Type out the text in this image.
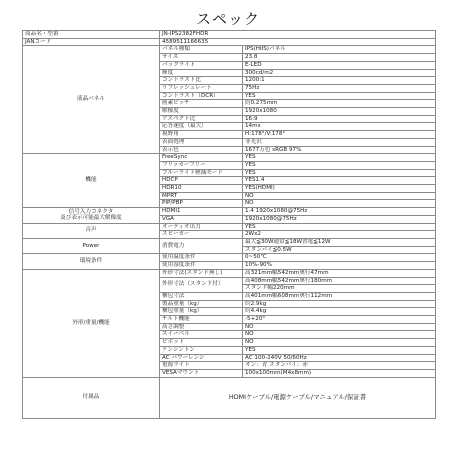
スペック
商品名・型番	JN-IPS2382FHDR	
JANコード	4589511166635	
液晶パネル	パネル種類	IPS(HIIS)パネル
	サイズ	23.8
	バックライト	E-LED
	輝度	300cd/m2
	コントラスト比	1200:1
	リフレッシュレート	75Hz
	コントラスト（DCR）	YES
	画素ピッチ	約0.275mm
	解像度	1920x1080
	アスペクト比	16:9
	応答速度（最大）	14ms
	視野角	H:178°/V:178°
	表面処理	非光沢
	表示色	1677万色 sRGB 97%
機能	FreeSync	YES
	フリッカーフリー	YES
	ブルーライト軽減モード	YES
	HDCP	YES1.4
	HDR10	YES(HDMI)
	MPRT	NO
	PIP/PBP	NO
信号入力コネクタ
及び表示可能最大解像度	HDMI1	1.4 1920x1080@75Hz
	VGA	1920x1080@75Hz
音声	オーディオ出力	YES
	スピーカー	2Wx2
Power	消費電力	最大≦30W通常≦18W省電≦12W
		スタンバイ≦0.5W
環境条件	使用温度条件	0~50℃
	使用湿度条件	10%-90%
外形/重量/機能	外形寸法(スタンド無し)	高321mm幅542mm奥行47mm
	外形寸法（スタンド付）	高408mm幅542mm奥行180mm
		スタンド幅220mm
	梱包寸法	高401mm幅608mm奥行112mm
	製品重量（kg）	約2.9kg
	梱包重量（kg）	約4.4kg
	チルト機能	-5+20°
	高さ調整	NO
	スイーベル	NO
	ピボット	NO
	ケンジントン	YES
	AC パワーレンジ	AC 100-240V 50/60Hz
	電源ライト	オン：青 スタンバイ：赤
	VESAマウント	100x100mm(M4x8mm)
付属品	HDMIケーブル/電源ケーブル/マニュアル/保証書	
